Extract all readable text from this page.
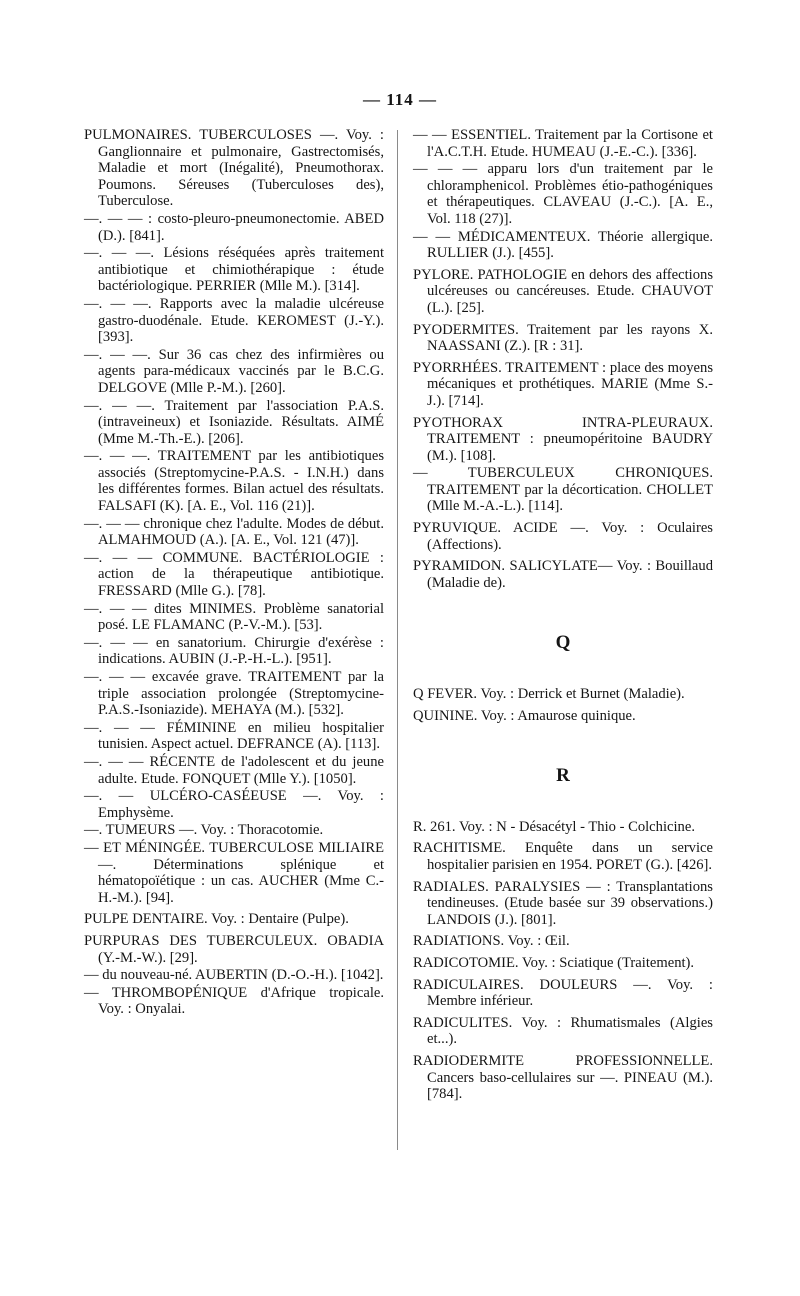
— 114 —

PULMONAIRES. TUBERCULOSES —. Voy. : Ganglionnaire et pulmonaire, Gastrectomisés, Maladie et mort (Inégalité), Pneumothorax. Poumons. Séreuses (Tuberculoses des), Tuberculose.

—. — — : costo-pleuro-pneumonectomie. ABED (D.). [841].

—. — —. Lésions réséquées après traitement antibiotique et chimiothérapique : étude bactériologique. PERRIER (Mlle M.). [314].

—. — —. Rapports avec la maladie ulcéreuse gastro-duodénale. Etude. KEROMEST (J.-Y.). [393].

—. — —. Sur 36 cas chez des infirmières ou agents para-médicaux vaccinés par le B.C.G. DELGOVE (Mlle P.-M.). [260].

—. — —. Traitement par l'association P.A.S. (intraveineux) et Isoniazide. Résultats. AIMÉ (Mme M.-Th.-E.). [206].

—. — —. TRAITEMENT par les antibiotiques associés (Streptomycine-P.A.S. - I.N.H.) dans les différentes formes. Bilan actuel des résultats. FALSAFI (K). [A. E., Vol. 116 (21)].

—. — — chronique chez l'adulte. Modes de début. ALMAHMOUD (A.). [A. E., Vol. 121 (47)].

—. — — COMMUNE. BACTÉRIOLOGIE : action de la thérapeutique antibiotique. FRESSARD (Mlle G.). [78].

—. — — dites MINIMES. Problème sanatorial posé. LE FLAMANC (P.-V.-M.). [53].

—. — — en sanatorium. Chirurgie d'exérèse : indications. AUBIN (J.-P.-H.-L.). [951].

—. — — excavée grave. TRAITEMENT par la triple association prolongée (Streptomycine-P.A.S.-Isoniazide). MEHAYA (M.). [532].

—. — — FÉMININE en milieu hospitalier tunisien. Aspect actuel. DEFRANCE (A). [113].

—. — — RÉCENTE de l'adolescent et du jeune adulte. Etude. FONQUET (Mlle Y.). [1050].

—. — ULCÉRO-CASÉEUSE —. Voy. : Emphysème.

—. TUMEURS —. Voy. : Thoracotomie.

— ET MÉNINGÉE. TUBERCULOSE MILIAIRE —. Déterminations splénique et hématopoïétique : un cas. AUCHER (Mme C.-H.-M.). [94].

PULPE DENTAIRE. Voy. : Dentaire (Pulpe).

PURPURAS DES TUBERCULEUX. OBADIA (Y.-M.-W.). [29].

— du nouveau-né. AUBERTIN (D.-O.-H.). [1042].

— THROMBOPÉNIQUE d'Afrique tropicale. Voy. : Onyalai.

— — ESSENTIEL. Traitement par la Cortisone et l'A.C.T.H. Etude. HUMEAU (J.-E.-C.). [336].

— — — apparu lors d'un traitement par le chloramphenicol. Problèmes étio-pathogéniques et thérapeutiques. CLAVEAU (J.-C.). [A. E., Vol. 118 (27)].

— — MÉDICAMENTEUX. Théorie allergique. RULLIER (J.). [455].

PYLORE. PATHOLOGIE en dehors des affections ulcéreuses ou cancéreuses. Etude. CHAUVOT (L.). [25].

PYODERMITES. Traitement par les rayons X. NAASSANI (Z.). [R : 31].

PYORRHÉES. TRAITEMENT : place des moyens mécaniques et prothétiques. MARIE (Mme S.-J.). [714].

PYOTHORAX INTRA-PLEURAUX. TRAITEMENT : pneumopéritoine BAUDRY (M.). [108].

— TUBERCULEUX CHRONIQUES. TRAITEMENT par la décortication. CHOLLET (Mlle M.-A.-L.). [114].

PYRUVIQUE. ACIDE —. Voy. : Oculaires (Affections).

PYRAMIDON. SALICYLATE— Voy. : Bouillaud (Maladie de).

Q

Q FEVER. Voy. : Derrick et Burnet (Maladie).

QUININE. Voy. : Amaurose quinique.

R

R. 261. Voy. : N - Désacétyl - Thio - Colchicine.

RACHITISME. Enquête dans un service hospitalier parisien en 1954. PORET (G.). [426].

RADIALES. PARALYSIES — : Transplantations tendineuses. (Etude basée sur 39 observations.) LANDOIS (J.). [801].

RADIATIONS. Voy. : Œil.

RADICOTOMIE. Voy. : Sciatique (Traitement).

RADICULAIRES. DOULEURS —. Voy. : Membre inférieur.

RADICULITES. Voy. : Rhumatismales (Algies et...).

RADIODERMITE PROFESSIONNELLE. Cancers baso-cellulaires sur —. PINEAU (M.). [784].
